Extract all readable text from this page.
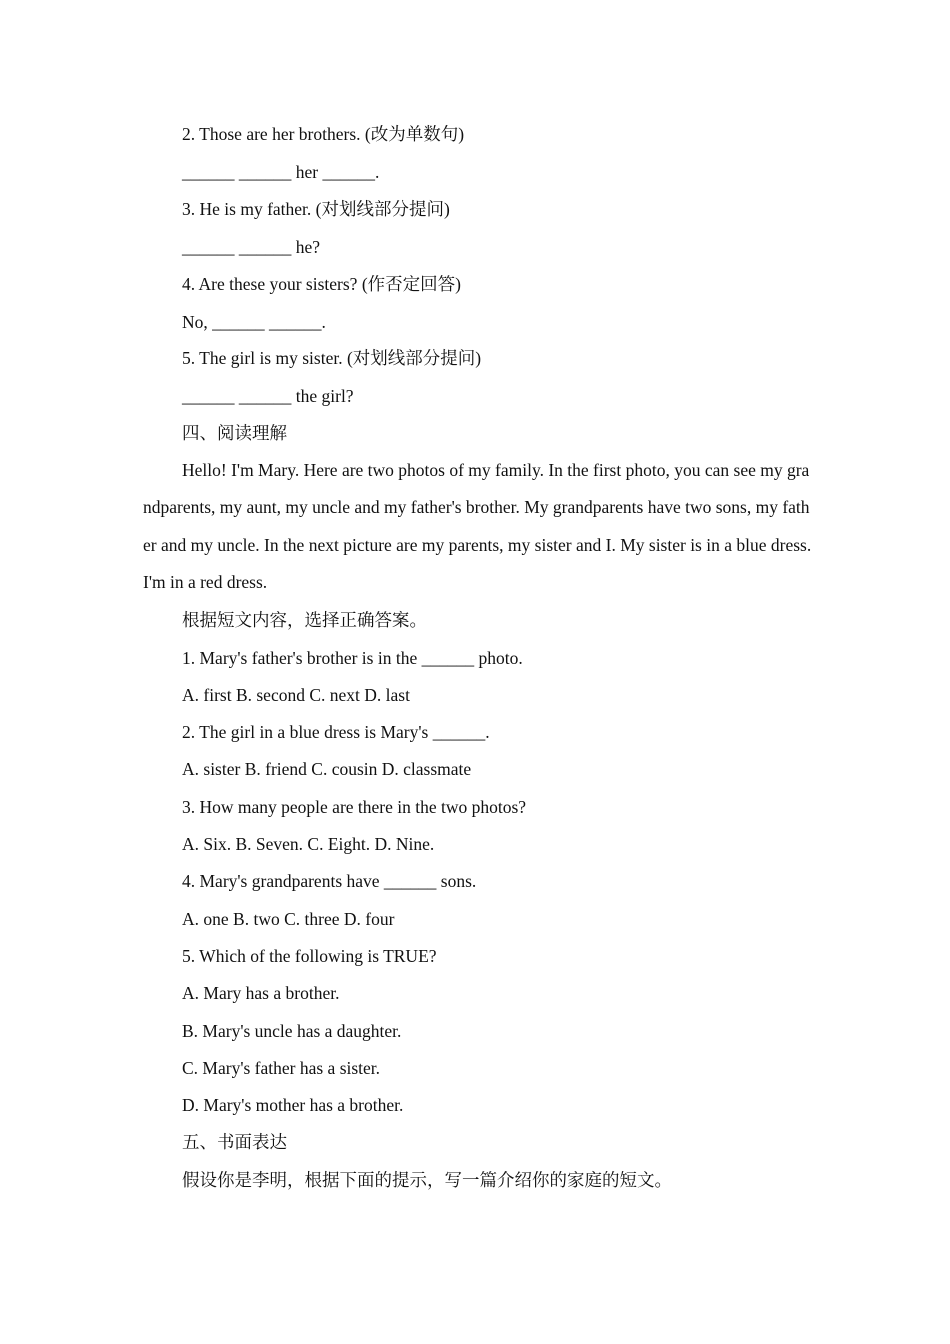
2. Those are her brothers. (改为单数句)
______ ______ her ______.
3. He is my father. (对划线部分提问)
______ ______ he?
4. Are these your sisters? (作否定回答)
No, ______ ______.
5. The girl is my sister. (对划线部分提问)
______ ______ the girl?
四、阅读理解
Hello! I'm Mary. Here are two photos of my family. In the first photo, you can see my grandparents, my aunt, my uncle and my father's brother. My grandparents have two sons, my father and my uncle. In the next picture are my parents, my sister and I. My sister is in a blue dress. I'm in a red dress.
根据短文内容，选择正确答案。
1. Mary's father's brother is in the ______ photo.
A. first B. second C. next D. last
2. The girl in a blue dress is Mary's ______.
A. sister B. friend C. cousin D. classmate
3. How many people are there in the two photos?
A. Six. B. Seven. C. Eight. D. Nine.
4. Mary's grandparents have ______ sons.
A. one B. two C. three D. four
5. Which of the following is TRUE?
A. Mary has a brother.
B. Mary's uncle has a daughter.
C. Mary's father has a sister.
D. Mary's mother has a brother.
五、书面表达
假设你是李明，根据下面的提示，写一篇介绍你的家庭的短文。
